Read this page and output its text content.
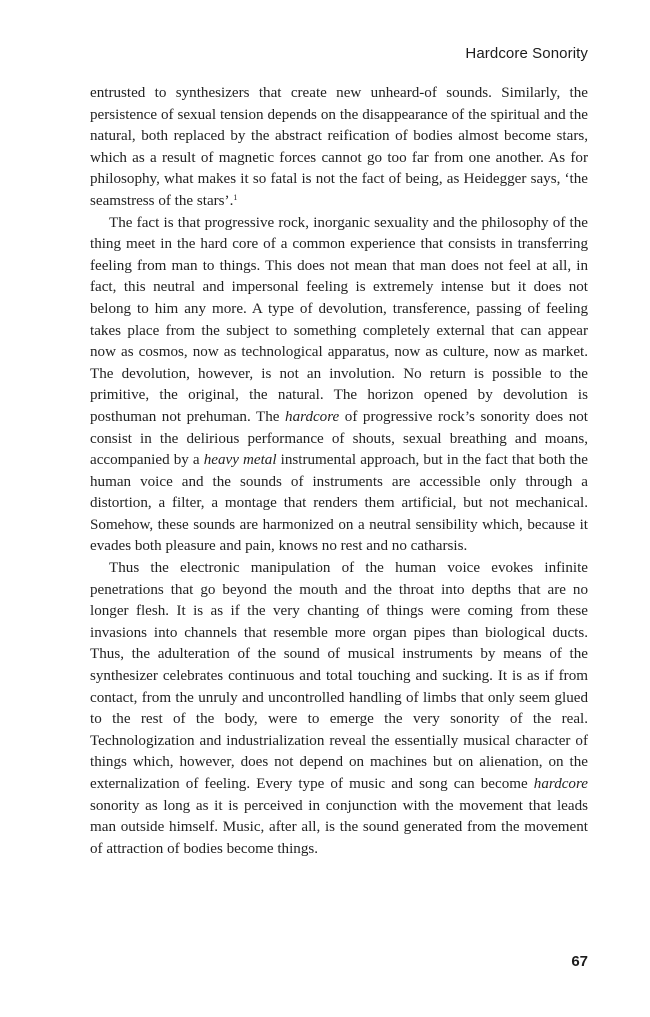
Hardcore Sonority

entrusted to synthesizers that create new unheard-of sounds. Similarly, the persistence of sexual tension depends on the disappearance of the spiritual and the natural, both replaced by the abstract reification of bodies almost become stars, which as a result of magnetic forces cannot go too far from one another. As for philosophy, what makes it so fatal is not the fact of being, as Heidegger says, ‘the seamstress of the stars’.$^1$

The fact is that progressive rock, inorganic sexuality and the philosophy of the thing meet in the hard core of a common experience that consists in transferring feeling from man to things. This does not mean that man does not feel at all, in fact, this neutral and impersonal feeling is extremely intense but it does not belong to him any more. A type of devolution, transference, passing of feeling takes place from the subject to something completely external that can appear now as cosmos, now as technological apparatus, now as culture, now as market. The devolution, however, is not an involution. No return is possible to the primitive, the original, the natural. The horizon opened by devolution is posthuman not prehuman. The hardcore of progressive rock’s sonority does not consist in the delirious performance of shouts, sexual breathing and moans, accompanied by a heavy metal instrumental approach, but in the fact that both the human voice and the sounds of instruments are accessible only through a distortion, a filter, a montage that renders them artificial, but not mechanical. Somehow, these sounds are harmonized on a neutral sensibility which, because it evades both pleasure and pain, knows no rest and no catharsis.

Thus the electronic manipulation of the human voice evokes infinite penetrations that go beyond the mouth and the throat into depths that are no longer flesh. It is as if the very chanting of things were coming from these invasions into channels that resemble more organ pipes than biological ducts. Thus, the adulteration of the sound of musical instruments by means of the synthesizer celebrates continuous and total touching and sucking. It is as if from contact, from the unruly and uncontrolled handling of limbs that only seem glued to the rest of the body, were to emerge the very sonority of the real. Technologization and industrialization reveal the essentially musical character of things which, however, does not depend on machines but on alienation, on the externalization of feeling. Every type of music and song can become hardcore sonority as long as it is perceived in conjunction with the movement that leads man outside himself. Music, after all, is the sound generated from the movement of attraction of bodies become things.

67
